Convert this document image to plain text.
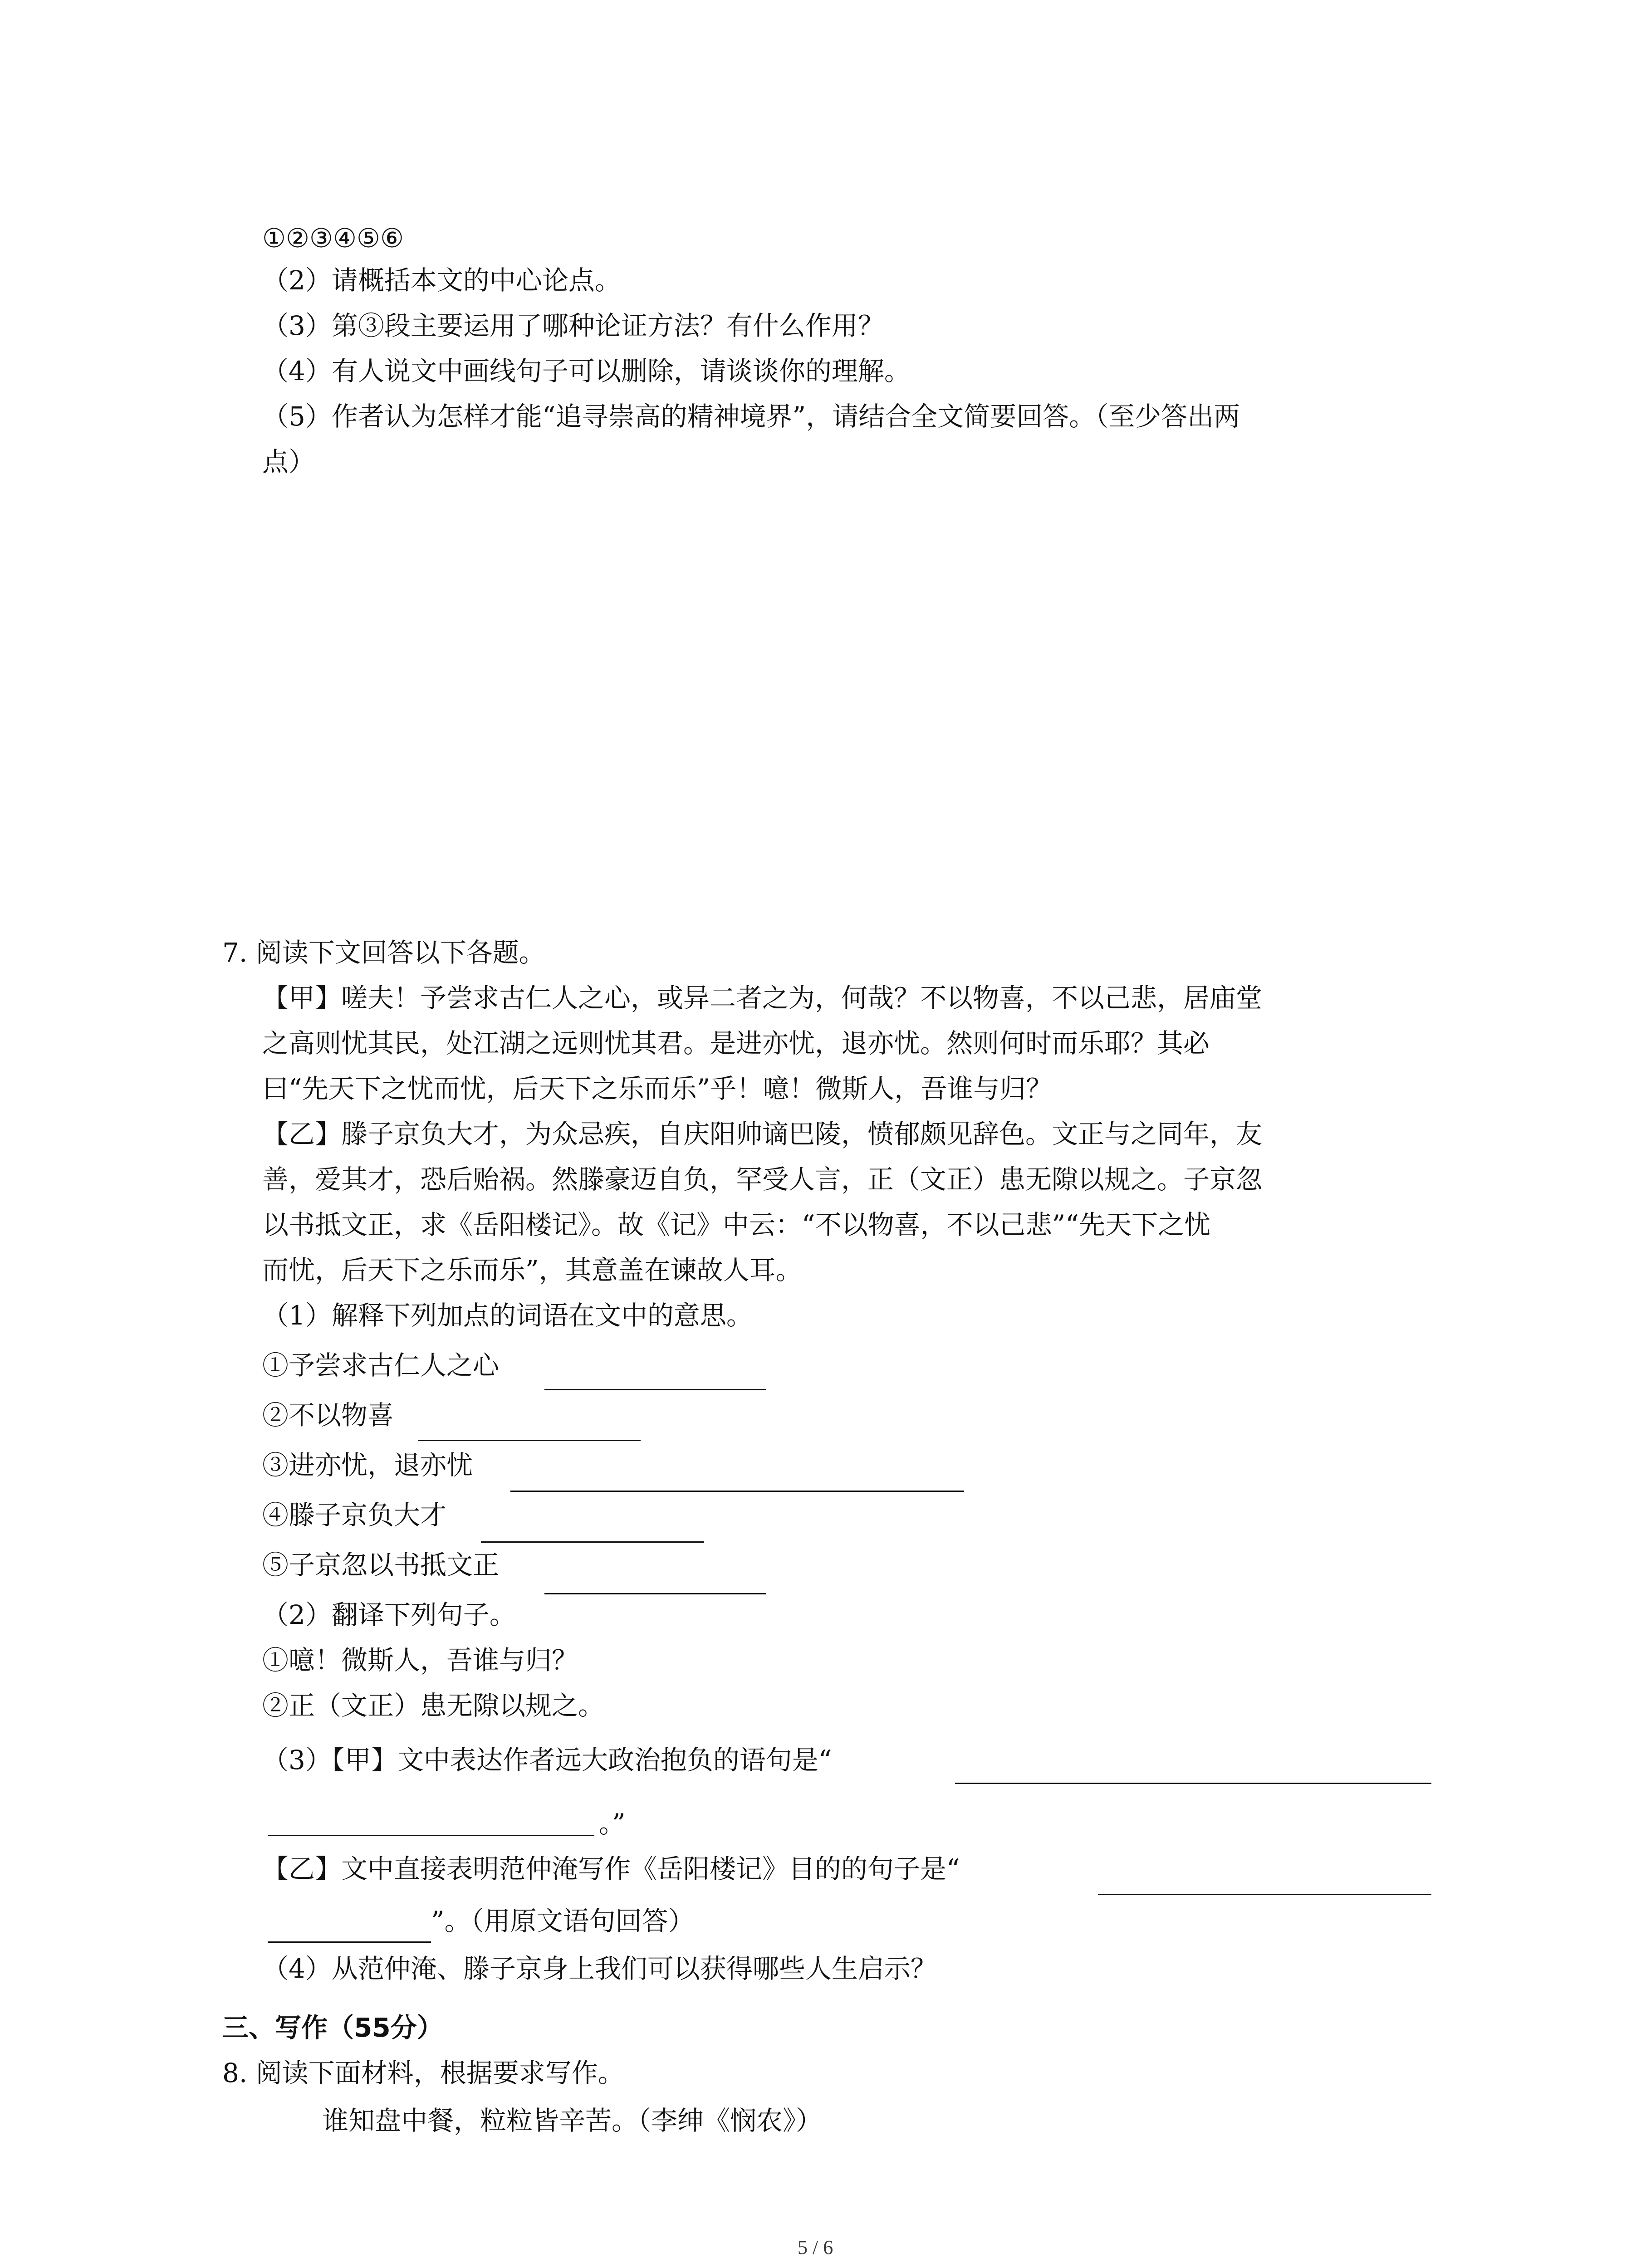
①②③④⑤⑥
（2）请概括本文的中心论点。
（3）第③段主要运用了哪种论证方法？有什么作用？
（4）有人说文中画线句子可以删除，请谈谈你的理解。
（5）作者认为怎样才能“追寻崇高的精神境界”，请结合全文简要回答。（至少答出两
点）
7. 阅读下文回答以下各题。
【甲】嗟夫！予尝求古仁人之心，或异二者之为，何哉？不以物喜，不以己悲，居庙堂
之高则忧其民，处江湖之远则忧其君。是进亦忧，退亦忧。然则何时而乐耶？其必
曰“先天下之忧而忧，后天下之乐而乐”乎！噫！微斯人，吾谁与归？
【乙】滕子京负大才，为众忌疾，自庆阳帅谪巴陵，愤郁颇见辞色。文正与之同年，友
善，爱其才，恐后贻祸。然滕豪迈自负，罕受人言，正（文正）患无隙以规之。子京忽
以书抵文正，求《岳阳楼记》。故《记》中云：“不以物喜，不以己悲”“先天下之忧
而忧，后天下之乐而乐”，其意盖在谏故人耳。
（1）解释下列加点的词语在文中的意思。
①予尝求古仁人之心
②不以物喜
③进亦忧，退亦忧
④滕子京负大才
⑤子京忽以书抵文正
（2）翻译下列句子。
①噫！微斯人，吾谁与归？
②正（文正）患无隙以规之。
（3）【甲】文中表达作者远大政治抱负的语句是“
。”
【乙】文中直接表明范仲淹写作《岳阳楼记》目的的句子是“
”。（用原文语句回答）
（4）从范仲淹、滕子京身上我们可以获得哪些人生启示？
三、写作（55分）
8. 阅读下面材料，根据要求写作。
谁知盘中餐，粒粒皆辛苦。（李绅《悯农》）
5 / 6
